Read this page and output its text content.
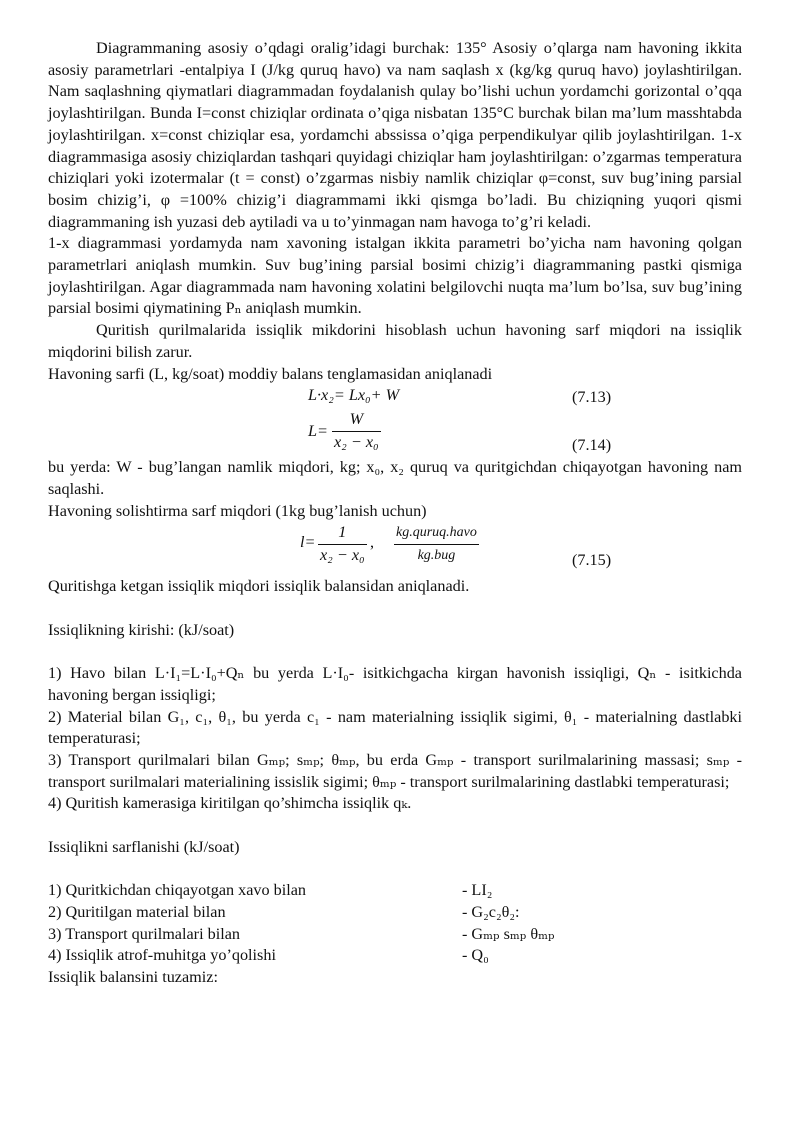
Diagrammaning asosiy o’qdagi oralig’idagi burchak: 135° Asosiy o’qlarga nam havoning ikkita asosiy parametrlari -entalpiya I (J/kg quruq havo) va nam saqlash x (kg/kg quruq havo) joylashtirilgan. Nam saqlashning qiymatlari diagrammadan foydalanish qulay bo’lishi uchun yordamchi gorizontal o’qqa joylashtirilgan. Bunda I=const chiziqlar ordinata o’qiga nisbatan 135°C burchak bilan ma’lum masshtabda joylashtirilgan. x=const chiziqlar esa, yordamchi abssissa o’qiga perpendikulyar qilib joylashtirilgan. 1-x diagrammasiga asosiy chiziqlardan tashqari quyidagi chiziqlar ham joylashtirilgan: o’zgarmas temperatura chiziqlari yoki izotermalar (t = const) o’zgarmas nisbiy namlik chiziqlar φ=const, suv bug’ining parsial bosim chizig’i, φ =100% chizig’i diagrammami ikki qismga bo’ladi. Bu chiziqning yuqori qismi diagrammaning ish yuzasi deb aytiladi va u to’yinmagan nam havoga to’g’ri keladi.

1-x diagrammasi yordamyda nam xavoning istalgan ikkita parametri bo’yicha nam havoning qolgan parametrlari aniqlash mumkin. Suv bug’ining parsial bosimi chizig’i diagrammaning pastki qismiga joylashtirilgan. Agar diagrammada nam havoning xolatini belgilovchi nuqta ma’lum bo’lsa, suv bug’ining parsial bosimi qiymatining Pₙ aniqlash mumkin.

Quritish qurilmalarida issiqlik mikdorini hisoblash uchun havoning sarf miqdori na issiqlik miqdorini bilish zarur.

Havoning sarfi (L, kg/soat) moddiy balans tenglamasidan aniqlanadi

L·x₂= Lx₀+ W	(7.13)
$L= \frac{W}{\text{x₂ − x₀}}$	(7.14)

bu yerda: W - bug’langan namlik miqdori, kg; x₀, x₂ quruq va quritgichdan chiqayotgan havoning nam saqlashi.

Havoning solishtirma sarf miqdori (1kg bug’lanish uchun)

$l= \frac{1}{\text{x₂ − x₀}}$ ,
kg.quruq.havo
kg.bug	(7.15)

Quritishga ketgan issiqlik miqdori issiqlik balansidan aniqlanadi.

Issiqlikning kirishi: (kJ/soat)

1) Havo bilan L·I₁=L·I₀+Qₙ bu yerda L·I₀- isitkichgacha kirgan havonish issiqligi, Qₙ - isitkichda havoning bergan issiqligi;

2) Material bilan G₁, c₁, θ₁, bu yerda c₁ - nam materialning issiqlik sigimi, θ₁ - materialning dastlabki temperaturasi;

3) Transport qurilmalari bilan Gₘₚ; sₘₚ; θₘₚ, bu erda Gₘₚ - transport surilmalarining massasi; sₘₚ - transport surilmalari materialining issislik sigimi; θₘₚ - transport surilmalarining dastlabki temperaturasi;

4) Quritish kamerasiga kiritilgan qo’shimcha issiqlik qₖ.

Issiqlikni sarflanishi (kJ/soat)

1) Quritkichdan chiqayotgan xavo bilan	- LI₂
2) Quritilgan material bilan	- G₂c₂θ₂:
3) Transport qurilmalari bilan	- Gₘₚ sₘₚ θₘₚ
4) Issiqlik atrof-muhitga yo’qolishi	- Q₀

Issiqlik balansini tuzamiz:
